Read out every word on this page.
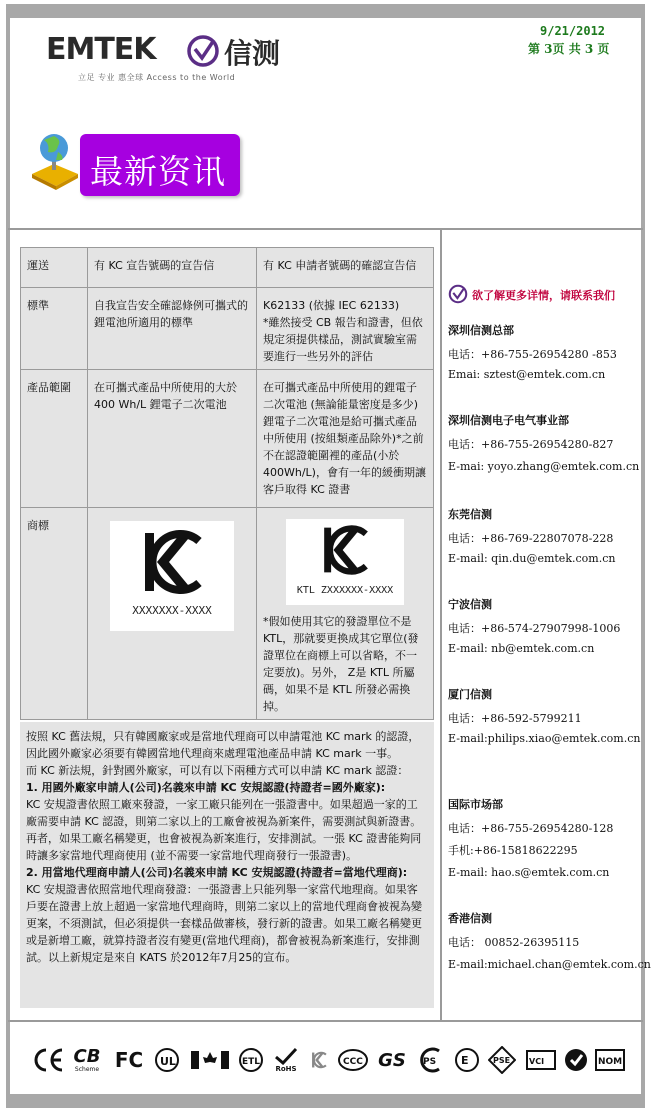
EMTEK 信测
立足 专业 惠全球 Access to the World
9/21/2012
第 3页 共 3 页
最新资讯
運送	有 KC 宣告號碼的宣告信	有 KC 申請者號碼的確認宣告信
標準	自我宣告安全確認條例可攜式的鋰電池所適用的標準	K62133 (依據 IEC 62133)
*雖然接受 CB 報告和證書，但依規定須提供樣品，測試實驗室需要進行一些另外的評估
產品範圍	在可攜式產品中所使用的大於400 Wh/L 鋰電子二次電池	在可攜式產品中所使用的鋰電子二次電池 (無論能量密度是多少)鋰電子二次電池是給可攜式產品中所使用 (按組類產品除外)*之前不在認證範圍裡的產品(小於400Wh/L)，會有一年的緩衝期讓客戶取得 KC 證書
商標	XXXXXXX-XXXX	KTL ZXXXXXX-XXXX
*假如使用其它的發證單位不是KTL，那就要更換成其它單位(發證單位在商標上可以省略，不一定要放)。另外， Z是 KTL 所屬碼，如果不是 KTL 所發必需換掉。
按照 KC 舊法規，只有韓國廠家或是當地代理商可以申請電池 KC mark 的認證，因此國外廠家必須要有韓國當地代理商來處理電池產品申請 KC mark 一事。
而 KC 新法規，針對國外廠家，可以有以下兩種方式可以申請 KC mark 認證：
1. 用國外廠家申請人(公司)名義來申請 KC 安規認證(持證者=國外廠家):
KC 安規證書依照工廠來發證，一家工廠只能列在一張證書中。如果超過一家的工廠需要申請 KC 認證，則第二家以上的工廠會被視為新案件，需要測試與新證書。再者，如果工廠名稱變更，也會被視為新案進行，安排測試。一張 KC 證書能夠同時讓多家當地代理商使用 (並不需要一家當地代理商發行一張證書)。
2. 用當地代理商申請人(公司)名義來申請 KC 安規認證(持證者=當地代理商):
KC 安規證書依照當地代理商發證：一張證書上只能列舉一家當代地理商。如果客戶要在證書上放上超過一家當地代理商時，則第二家以上的當地代理商會被視為變更案，不須測試，但必須提供一套樣品做審核，發行新的證書。如果工廠名稱變更或是新增工廠，就算持證者沒有變更(當地代理商)，都會被視為新案進行，安排測試。以上新規定是來自 KATS 於2012年7月25的宣布。
欲了解更多详情，请联系我们
深圳信测总部
电话：+86-755-26954280 -853
Emai: sztest@emtek.com.cn
深圳信测电子电气事业部
电话：+86-755-26954280-827
E-mai: yoyo.zhang@emtek.com.cn
东莞信测
电话：+86-769-22807078-228
E-mail: qin.du@emtek.com.cn
宁波信测
电话：+86-574-27907998-1006
E-mail: nb@emtek.com.cn
厦门信测
电话：+86-592-5799211
E-mail:philips.xiao@emtek.com.cn
国际市场部
电话：+86-755-26954280-128
手机:+86-15818622295
E-mail: hao.s@emtek.com.cn
香港信测
电话： 00852-26395115
E-mail:michael.chan@emtek.com.cn
CB
Scheme FC UL	ETL
RoHS
CCC GS PS E	PSE VCI	NOM
